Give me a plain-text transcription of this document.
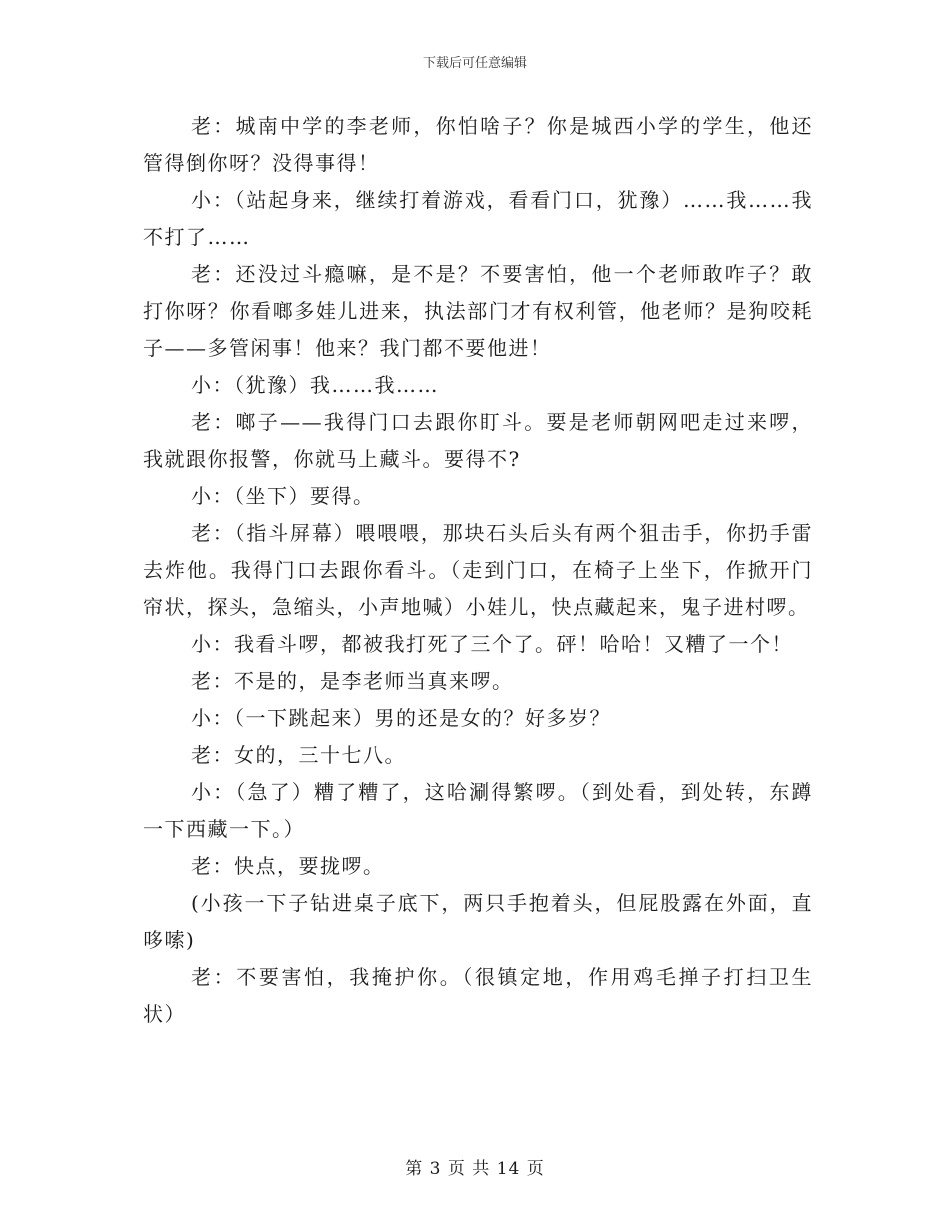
下载后可任意编辑

老：城南中学的李老师，你怕啥子？你是城西小学的学生，他还管得倒你呀？没得事得！

小：（站起身来，继续打着游戏，看看门口，犹豫）……我……我不打了……

老：还没过斗瘾嘛，是不是？不要害怕，他一个老师敢咋子？敢打你呀？你看啷多娃儿进来，执法部门才有权利管，他老师？是狗咬耗子——多管闲事！他来？我门都不要他进！

小：（犹豫）我……我……

老：啷子——我得门口去跟你盯斗。要是老师朝网吧走过来啰，我就跟你报警，你就马上藏斗。要得不?

小：（坐下）要得。

老：（指斗屏幕）喂喂喂，那块石头后头有两个狙击手，你扔手雷去炸他。我得门口去跟你看斗。（走到门口，在椅子上坐下，作掀开门帘状，探头，急缩头，小声地喊）小娃儿，快点藏起来，鬼子进村啰。

小：我看斗啰，都被我打死了三个了。砰！哈哈！又糟了一个！

老：不是的，是李老师当真来啰。

小：（一下跳起来）男的还是女的？好多岁？

老：女的，三十七八。

小：（急了）糟了糟了，这哈涮得繁啰。（到处看，到处转，东蹲一下西藏一下。）

老：快点，要拢啰。

(小孩一下子钻进桌子底下，两只手抱着头，但屁股露在外面，直哆嗦)

老：不要害怕，我掩护你。（很镇定地，作用鸡毛掸子打扫卫生状）

第 3 页 共 14 页
